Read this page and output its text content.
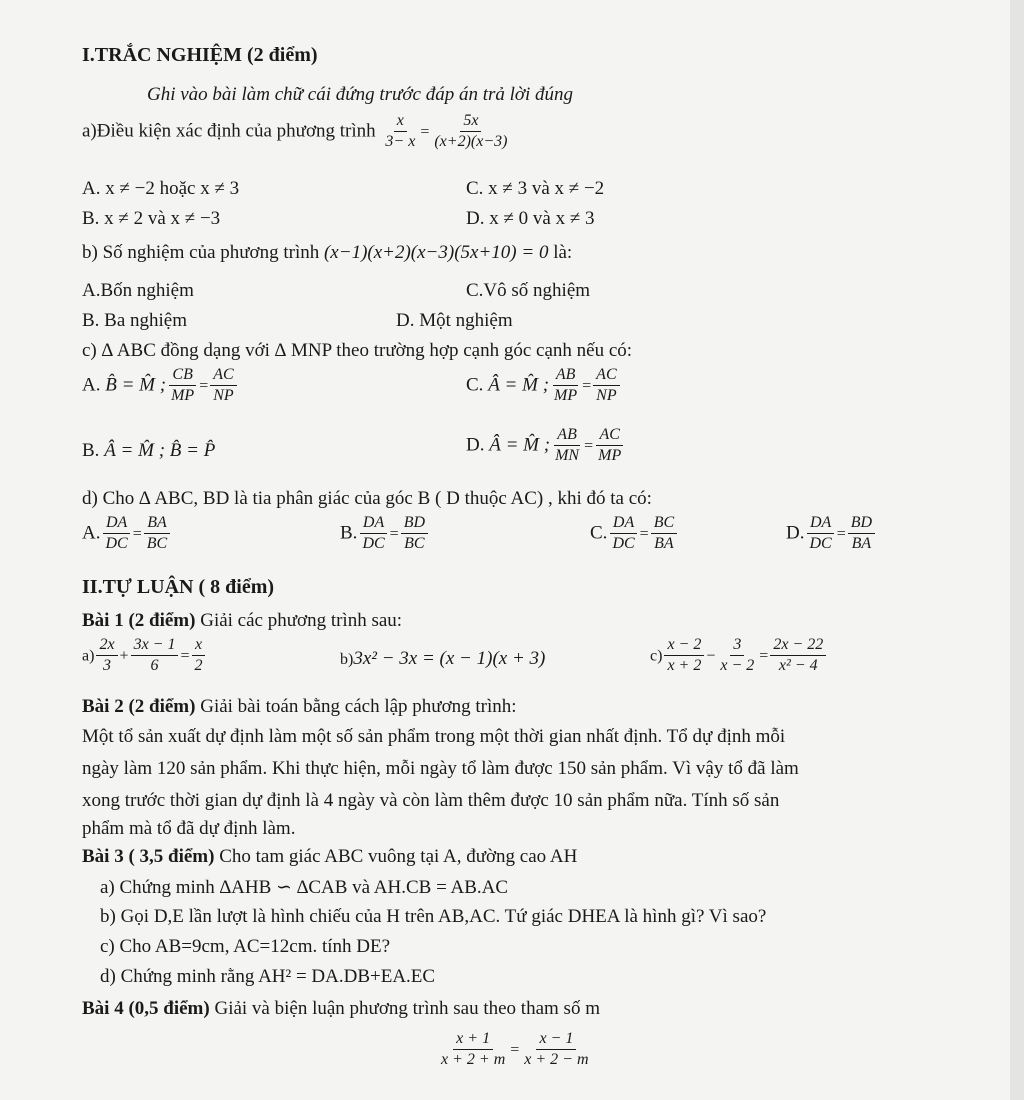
I.TRẮC NGHIỆM (2 điểm)
Ghi vào bài làm chữ cái đứng trước đáp án trả lời đúng
a)Điều kiện xác định của phương trình $\frac{x}{3- x} = \frac{5x}{(x+2)(x-3)}$
A. x ≠ −2 hoặc x ≠ 3	C. x ≠ 3 và x ≠ −2
B. x ≠ 2 và x ≠ −3	D. x ≠ 0 và x ≠ 3
b) Số nghiệm của phương trình (x−1)(x+2)(x−3)(5x+10) = 0 là:
A.Bốn nghiệm	C.Vô số nghiệm
B. Ba nghiệm	D. Một nghiệm
c) ∆ ABC đồng dạng với ∆ MNP theo trường hợp cạnh góc cạnh nếu có:
A. B̂ = M̂ ; $\frac{CB}{MP} = \frac{AC}{NP}$	C. Â = M̂ ; $\frac{AB}{MP} = \frac{AC}{NP}$
B. Â = M̂ ; B̂ = P̂	D. Â = M̂ ; $\frac{AB}{MN} = \frac{AC}{MP}$
d) Cho ∆ ABC, BD là tia phân giác của góc B ( D thuộc AC) , khi đó ta có:
A. $\frac{DA}{DC} = \frac{BA}{BC}$	B. $\frac{DA}{DC} = \frac{BD}{BC}$	C. $\frac{DA}{DC} = \frac{BC}{BA}$	D. $\frac{DA}{DC} = \frac{BD}{BA}$
II.TỰ LUẬN ( 8 điểm)
Bài 1 (2 điểm) Giải các phương trình sau:
$a) \frac{2x}{3} + \frac{3x - 1}{6} = \frac{x}{2}$	b)3x² − 3x = (x − 1)(x + 3)	$c) \frac{x - 2}{x + 2} - \frac{3}{x - 2} = \frac{2x - 22}{\text{x² − 4}}$
Bài 2 (2 điểm) Giải bài toán bằng cách lập phương trình:
Một tổ sản xuất dự định làm một số sản phẩm trong một thời gian nhất định. Tổ dự định mỗi
ngày làm 120 sản phẩm. Khi thực hiện, mỗi ngày tổ làm được 150 sản phẩm. Vì vậy tổ đã làm
xong trước thời gian dự định là 4 ngày và còn làm thêm được 10 sản phẩm nữa. Tính số sản
phẩm mà tổ đã dự định làm.
Bài 3 ( 3,5 điểm) Cho tam giác ABC vuông tại A, đường cao AH
a) Chứng minh ∆AHB ∽ ∆CAB và AH.CB = AB.AC
b) Gọi D,E lần lượt là hình chiếu của H trên AB,AC. Tứ giác DHEA là hình gì? Vì sao?
c) Cho AB=9cm, AC=12cm. tính DE?
d) Chứng minh rằng AH² = DA.DB+EA.EC
Bài 4 (0,5 điểm) Giải và biện luận phương trình sau theo tham số m
$\frac{x + 1}{x + 2 + m} = \frac{x - 1}{x + 2 - m}$
